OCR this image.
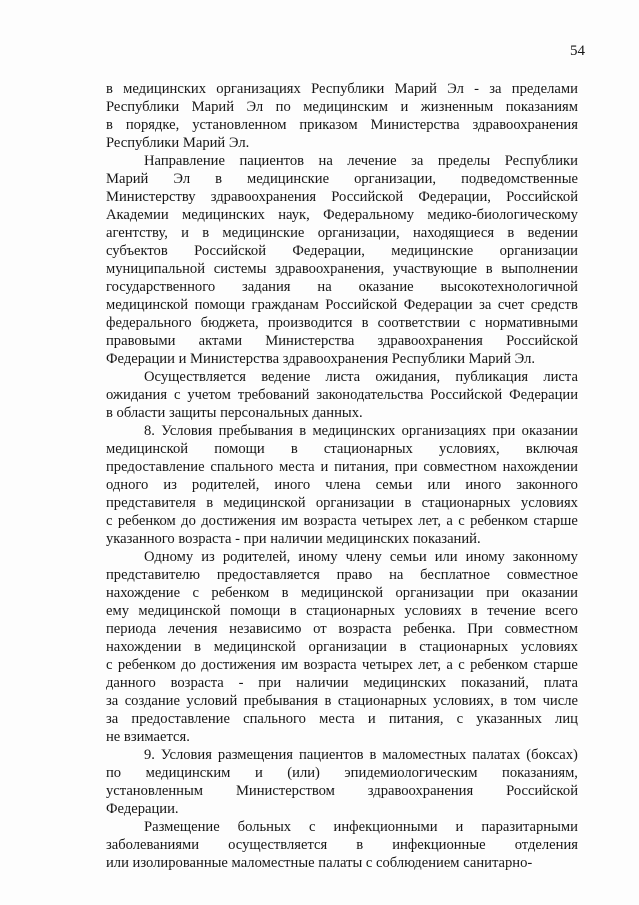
54
в медицинских организациях Республики Марий Эл - за пределами
Республики Марий Эл по медицинским и жизненным показаниям
в порядке, установленном приказом Министерства здравоохранения
Республики Марий Эл.
Направление пациентов на лечение за пределы Республики
Марий Эл в медицинские организации, подведомственные
Министерству здравоохранения Российской Федерации, Российской
Академии медицинских наук, Федеральному медико-биологическому
агентству, и в медицинские организации, находящиеся в ведении
субъектов Российской Федерации, медицинские организации
муниципальной системы здравоохранения, участвующие в выполнении
государственного задания на оказание высокотехнологичной
медицинской помощи гражданам Российской Федерации за счет средств
федерального бюджета, производится в соответствии с нормативными
правовыми актами Министерства здравоохранения Российской
Федерации и Министерства здравоохранения Республики Марий Эл.
Осуществляется ведение листа ожидания, публикация листа
ожидания с учетом требований законодательства Российской Федерации
в области защиты персональных данных.
8. Условия пребывания в медицинских организациях при оказании
медицинской помощи в стационарных условиях, включая
предоставление спального места и питания, при совместном нахождении
одного из родителей, иного члена семьи или иного законного
представителя в медицинской организации в стационарных условиях
с ребенком до достижения им возраста четырех лет, а с ребенком старше
указанного возраста - при наличии медицинских показаний.
Одному из родителей, иному члену семьи или иному законному
представителю предоставляется право на бесплатное совместное
нахождение с ребенком в медицинской организации при оказании
ему медицинской помощи в стационарных условиях в течение всего
периода лечения независимо от возраста ребенка. При совместном
нахождении в медицинской организации в стационарных условиях
с ребенком до достижения им возраста четырех лет, а с ребенком старше
данного возраста - при наличии медицинских показаний, плата
за создание условий пребывания в стационарных условиях, в том числе
за предоставление спального места и питания, с указанных лиц
не взимается.
9. Условия размещения пациентов в маломестных палатах (боксах)
по медицинским и (или) эпидемиологическим показаниям,
установленным Министерством здравоохранения Российской
Федерации.
Размещение больных с инфекционными и паразитарными
заболеваниями осуществляется в инфекционные отделения
или изолированные маломестные палаты с соблюдением санитарно-
